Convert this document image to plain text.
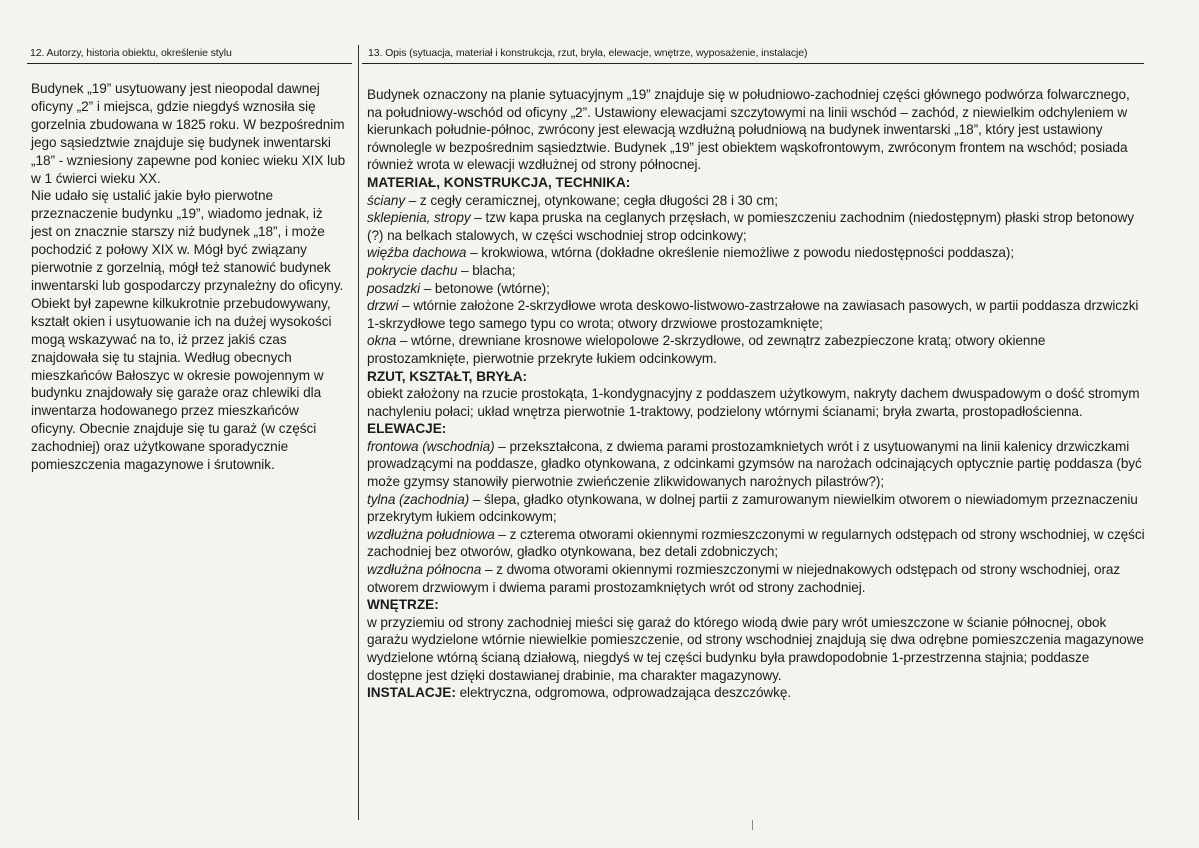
12. Autorzy, historia obiektu, określenie stylu	13. Opis (sytuacja, materiał i konstrukcja, rzut, bryła, elewacje, wnętrze, wyposażenie, instalacje)

Budynek „19” usytuowany jest nieopodal dawnej oficyny „2” i miejsca, gdzie niegdyś wznosiła się gorzelnia zbudowana w 1825 roku. W bezpośrednim jego sąsiedztwie znajduje się budynek inwentarski „18” - wzniesiony zapewne pod koniec wieku XIX lub w 1 ćwierci wieku XX.

Nie udało się ustalić jakie było pierwotne przeznaczenie budynku „19”, wiadomo jednak, iż jest on znacznie starszy niż budynek „18”, i może pochodzić z połowy XIX w. Mógł być związany pierwotnie z gorzelnią, mógł też stanowić budynek inwentarski lub gospodarczy przynależny do oficyny. Obiekt był zapewne kilkukrotnie przebudowywany, kształt okien i usytuowanie ich na dużej wysokości mogą wskazywać na to, iż przez jakiś czas znajdowała się tu stajnia. Według obecnych mieszkańców Bałoszyc w okresie powojennym w budynku znajdowały się garaże oraz chlewiki dla inwentarza hodowanego przez mieszkańców oficyny. Obecnie znajduje się tu garaż (w części zachodniej) oraz użytkowane sporadycznie pomieszczenia magazynowe i śrutownik.

Budynek oznaczony na planie sytuacyjnym „19” znajduje się w południowo-zachodniej części głównego podwórza folwarcznego, na południowy-wschód od oficyny „2”. Ustawiony elewacjami szczytowymi na linii wschód – zachód, z niewielkim odchyleniem w kierunkach południe-północ, zwrócony jest elewacją wzdłużną południową na budynek inwentarski „18”, który jest ustawiony równolegle w bezpośrednim sąsiedztwie. Budynek „19” jest obiektem wąskofrontowym, zwróconym frontem na wschód; posiada również wrota w elewacji wzdłużnej od strony północnej.

MATERIAŁ, KONSTRUKCJA, TECHNIKA:

ściany – z cegły ceramicznej, otynkowane; cegła długości 28 i 30 cm;

sklepienia, stropy – tzw kapa pruska na ceglanych przęsłach, w pomieszczeniu zachodnim (niedostępnym) płaski strop betonowy (?) na belkach stalowych, w części wschodniej strop odcinkowy;

więźba dachowa – krokwiowa, wtórna (dokładne określenie niemożliwe z powodu niedostępności poddasza);

pokrycie dachu – blacha;

posadzki – betonowe (wtórne);

drzwi – wtórnie założone 2-skrzydłowe wrota deskowo-listwowo-zastrzałowe na zawiasach pasowych, w partii poddasza drzwiczki 1-skrzydłowe tego samego typu co wrota; otwory drzwiowe prostozamknięte;

okna – wtórne, drewniane krosnowe wielopolowe 2-skrzydłowe, od zewnątrz zabezpieczone kratą; otwory okienne prostozamknięte, pierwotnie przekryte łukiem odcinkowym.

RZUT, KSZTAŁT, BRYŁA:

obiekt założony na rzucie prostokąta, 1-kondygnacyjny z poddaszem użytkowym, nakryty dachem dwuspadowym o dość stromym nachyleniu połaci; układ wnętrza pierwotnie 1-traktowy, podzielony wtórnymi ścianami; bryła zwarta, prostopadłościenna.

ELEWACJE:

frontowa (wschodnia) – przekształcona, z dwiema parami prostozamknietych wrót i z usytuowanymi na linii kalenicy drzwiczkami prowadzącymi na poddasze, gładko otynkowana, z odcinkami gzymsów na narożach odcinających optycznie partię poddasza (być może gzymsy stanowiły pierwotnie zwieńczenie zlikwidowanych narożnych pilastrów?);

tylna (zachodnia) – ślepa, gładko otynkowana, w dolnej partii z zamurowanym niewielkim otworem o niewiadomym przeznaczeniu przekrytym łukiem odcinkowym;

wzdłużna południowa – z czterema otworami okiennymi rozmieszczonymi w regularnych odstępach od strony wschodniej, w części zachodniej bez otworów, gładko otynkowana, bez detali zdobniczych;

wzdłużna północna – z dwoma otworami okiennymi rozmieszczonymi w niejednakowych odstępach od strony wschodniej, oraz otworem drzwiowym i dwiema parami prostozamkniętych wrót od strony zachodniej.

WNĘTRZE:

w przyziemiu od strony zachodniej mieści się garaż do którego wiodą dwie pary wrót umieszczone w ścianie północnej, obok garażu wydzielone wtórnie niewielkie pomieszczenie, od strony wschodniej znajdują się dwa odrębne pomieszczenia magazynowe wydzielone wtórną ścianą działową, niegdyś w tej części budynku była prawdopodobnie 1-przestrzenna stajnia; poddasze dostępne jest dzięki dostawianej drabinie, ma charakter magazynowy.

INSTALACJE: elektryczna, odgromowa, odprowadzająca deszczówkę.
